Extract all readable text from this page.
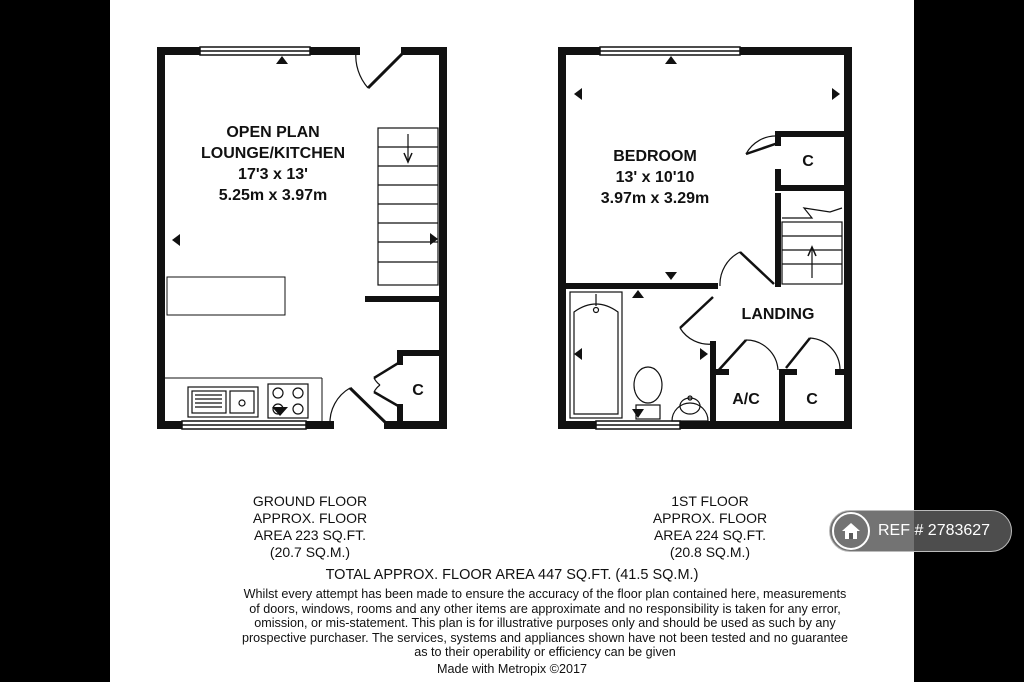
OPEN PLAN
LOUNGE/KITCHEN
17'3 x 13'
5.25m x 3.97m
C
BEDROOM
13' x 10'10
3.97m x 3.29m
C
LANDING
A/C	C
GROUND FLOOR
APPROX. FLOOR
AREA 223 SQ.FT.
(20.7 SQ.M.)
1ST FLOOR
APPROX. FLOOR
AREA 224 SQ.FT.
(20.8 SQ.M.)
TOTAL APPROX. FLOOR AREA 447 SQ.FT. (41.5 SQ.M.)
Whilst every attempt has been made to ensure the accuracy of the floor plan contained here, measurements
of doors, windows, rooms and any other items are approximate and no responsibility is taken for any error,
omission, or mis-statement. This plan is for illustrative purposes only and should be used as such by any
prospective purchaser. The services, systems and appliances shown have not been tested and no guarantee
as to their operability or efficiency can be given
Made with Metropix ©2017
REF # 2783627
